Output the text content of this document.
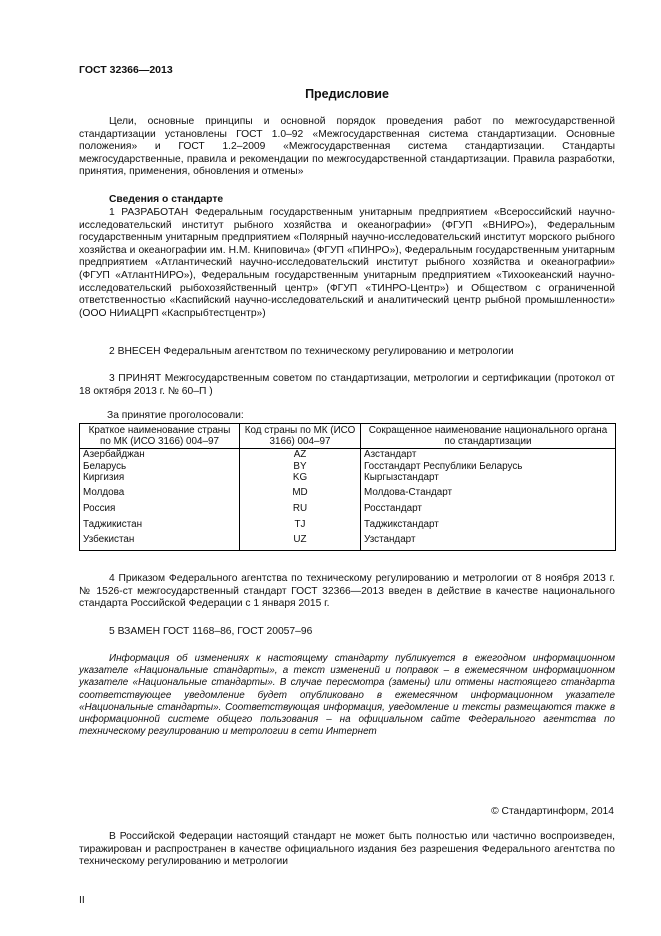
ГОСТ 32366—2013
Предисловие
Цели, основные принципы и основной порядок проведения работ по межгосударственной стандартизации установлены ГОСТ 1.0–92 «Межгосударственная система стандартизации. Основные положения» и ГОСТ 1.2–2009 «Межгосударственная система стандартизации. Стандарты межгосударственные, правила и рекомендации по межгосударственной стандартизации. Правила разработки, принятия, применения, обновления и отмены»
Сведения о стандарте
1 РАЗРАБОТАН Федеральным государственным унитарным предприятием «Всероссийский научно-исследовательский институт рыбного хозяйства и океанографии» (ФГУП «ВНИРО»), Федеральным государственным унитарным предприятием «Полярный научно-исследовательский институт морского рыбного хозяйства и океанографии им. Н.М. Книповича» (ФГУП «ПИНРО»), Федеральным государственным унитарным предприятием «Атлантический научно-исследовательский институт рыбного хозяйства и океанографии» (ФГУП «АтлантНИРО»), Федеральным государственным унитарным предприятием «Тихоокеанский научно-исследовательский рыбохозяйственный центр» (ФГУП «ТИНРО-Центр») и Обществом с ограниченной ответственностью «Каспийский научно-исследовательский и аналитический центр рыбной промышленности» (ООО НИиАЦРП «Каспрыбтестцентр»)
2 ВНЕСЕН Федеральным агентством по техническому регулированию и метрологии
3 ПРИНЯТ Межгосударственным советом по стандартизации, метрологии и сертификации (протокол от 18 октября 2013 г. № 60–П )
За принятие проголосовали:
Краткое наименование страны по МК (ИСО 3166) 004–97	Код страны по МК (ИСО 3166) 004–97	Сокращенное наименование национального органа по стандартизации
Азербайджан	AZ	Азстандарт
Беларусь	BY	Госстандарт Республики Беларусь
Киргизия	KG	Кыргызстандарт
Молдова	MD	Молдова-Стандарт
Россия	RU	Росстандарт
Таджикистан	TJ	Таджикстандарт
Узбекистан	UZ	Узстандарт
4 Приказом Федерального агентства по техническому регулированию и метрологии от 8 ноября 2013 г. № 1526-ст межгосударственный стандарт ГОСТ 32366—2013 введен в действие в качестве национального стандарта Российской Федерации с 1 января 2015 г.
5 ВЗАМЕН ГОСТ 1168–86, ГОСТ 20057–96
Информация об изменениях к настоящему стандарту публикуется в ежегодном информационном указателе «Национальные стандарты», а текст изменений и поправок – в ежемесячном информационном указателе «Национальные стандарты». В случае пересмотра (замены) или отмены настоящего стандарта соответствующее уведомление будет опубликовано в ежемесячном информационном указателе «Национальные стандарты». Соответствующая информация, уведомление и тексты размещаются также в информационной системе общего пользования – на официальном сайте Федерального агентства по техническому регулированию и метрологии в сети Интернет
© Стандартинформ, 2014
В Российской Федерации настоящий стандарт не может быть полностью или частично воспроизведен, тиражирован и распространен в качестве официального издания без разрешения Федерального агентства по техническому регулированию и метрологии
II
